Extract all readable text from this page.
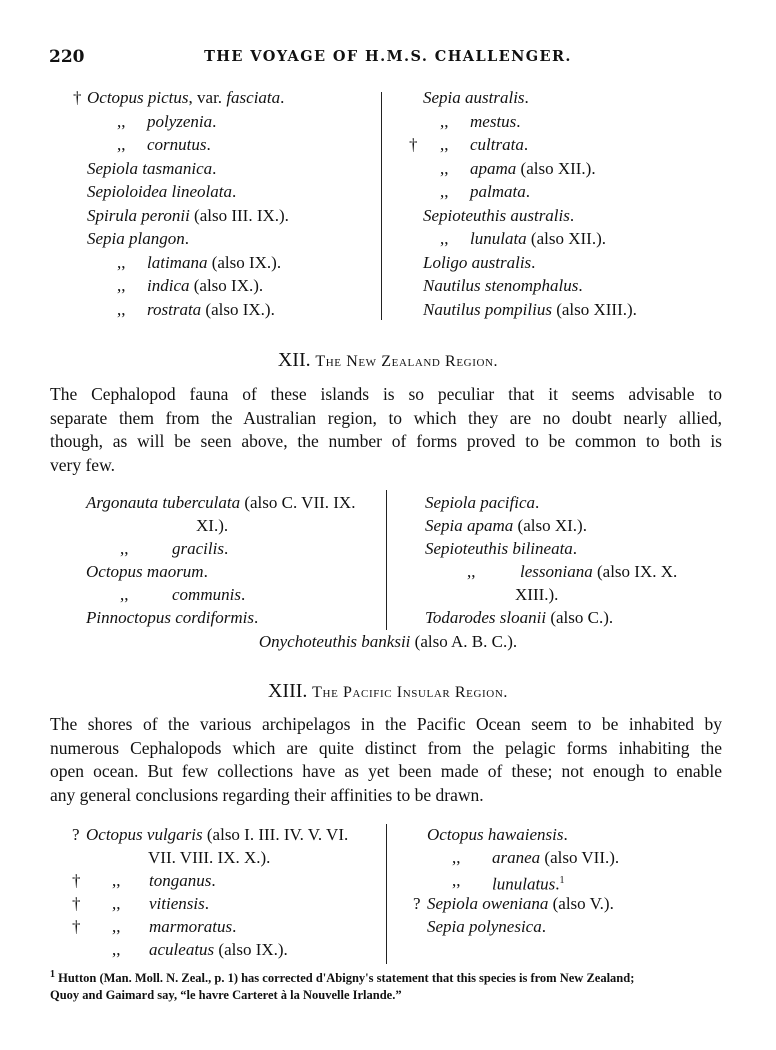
220	THE VOYAGE OF H.M.S. CHALLENGER.
† Octopus pictus, var. fasciata.
,, polyzenia.
,, cornutus.
Sepiola tasmanica.
Sepioloidea lineolata.
Spirula peronii (also III. IX.).
Sepia plangon.
,, latimana (also IX.).
,, indica (also IX.).
,, rostrata (also IX.).
Sepia australis.
,, mestus.
† ,, cultrata.
,, apama (also XII.).
,, palmata.
Sepioteuthis australis.
,, lunulata (also XII.).
Loligo australis.
Nautilus stenomphalus.
Nautilus pompilius (also XIII.).
XII. The New Zealand Region.
The Cephalopod fauna of these islands is so peculiar that it seems advisable to
separate them from the Australian region, to which they are no doubt nearly allied,
though, as will be seen above, the number of forms proved to be common to both is
very few.
Argonauta tuberculata (also C. VII. IX.
XI.).
,,	gracilis.
Octopus maorum.
,,	communis.
Pinnoctopus cordiformis.
Sepiola pacifica.
Sepia apama (also XI.).
Sepioteuthis bilineata.
,,	lessoniana (also IX. X.
XIII.).
Todarodes sloanii (also C.).
Onychoteuthis banksii (also A. B. C.).
XIII. The Pacific Insular Region.
The shores of the various archipelagos in the Pacific Ocean seem to be inhabited by
numerous Cephalopods which are quite distinct from the pelagic forms inhabiting the
open ocean. But few collections have as yet been made of these; not enough to enable
any general conclusions regarding their affinities to be drawn.
? Octopus vulgaris (also I. III. IV. V. VI.
VII. VIII. IX. X.).
† ,, tonganus.
† ,, vitiensis.
† ,, marmoratus.
,, aculeatus (also IX.).
Octopus hawaiensis.
,, aranea (also VII.).
,, lunulatus.$^1$
? Sepiola oweniana (also V.).
Sepia polynesica.
$^1$ Hutton (Man. Moll. N. Zeal., p. 1) has corrected d'Abigny's statement that this species is from New Zealand;
Quoy and Gaimard say, “le havre Carteret à la Nouvelle Irlande.”
